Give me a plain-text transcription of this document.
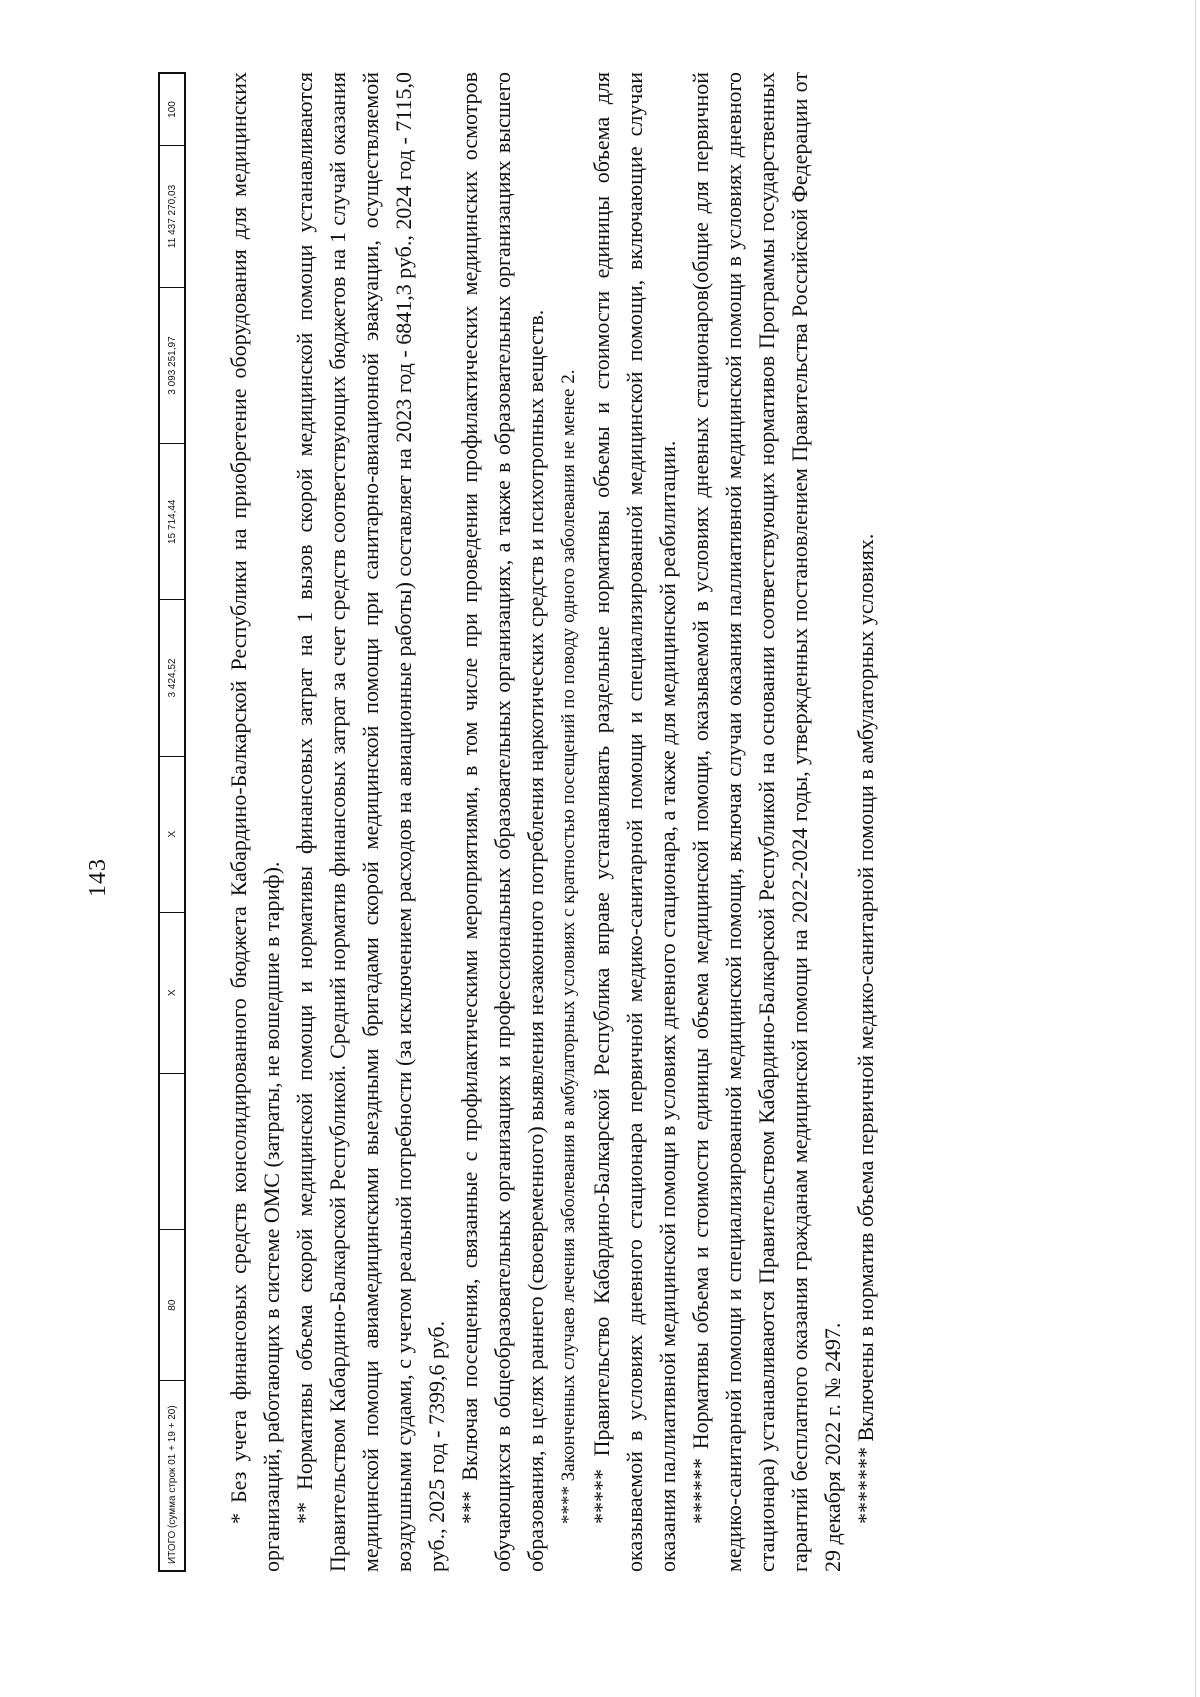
143
ИТОГО (сумма строк 01 + 19 + 20)
80
X
X
3 424,52
15 714,44
3 093 251,97
11 437 270,03
100 * Без учета финансовых средств консолидированного бюджета Кабардино-Балкарской Республики на приобретение оборудования для медицинских организаций, работающих в системе ОМС (затраты, не вошедшие в тариф). ** Нормативы объема скорой медицинской помощи и нормативы финансовых затрат на 1 вызов скорой медицинской помощи устанавливаются Правительством Кабардино-Балкарской Республикой. Средний норматив финансовых затрат за счет средств соответствующих бюджетов на 1 случай оказания медицинской помощи авиамедицинскими выездными бригадами скорой медицинской помощи при санитарно-авиационной эвакуации, осуществляемой воздушными судами, с учетом реальной потребности (за исключением расходов на авиационные работы) составляет на 2023 год - 6841,3 руб., 2024 год - 7115,0 руб., 2025 год - 7399,6 руб. *** Включая посещения, связанные с профилактическими мероприятиями, в том числе при проведении профилактических медицинских осмотров обучающихся в общеобразовательных организациях и профессиональных образовательных организациях, а также в образовательных организациях высшего образования, в целях раннего (своевременного) выявления незаконного потребления наркотических средств и психотропных веществ. **** Законченных случаев лечения заболевания в амбулаторных условиях с кратностью посещений по поводу одного заболевания не менее 2. ***** Правительство Кабардино-Балкарской Республика вправе устанавливать раздельные нормативы объемы и стоимости единицы объема для оказываемой в условиях дневного стационара первичной медико-санитарной помощи и специализированной медицинской помощи, включающие случаи оказания паллиативной медицинской помощи в условиях дневного стационара, а также для медицинской реабилитации. ****** Нормативы объема и стоимости единицы объема медицинской помощи, оказываемой в условиях дневных стационаров(общие для первичной медико-санитарной помощи и специализированной медицинской помощи, включая случаи оказания паллиативной медицинской помощи в условиях дневного стационара) устанавливаются Правительством Кабардино-Балкарской Республикой на основании соответствующих нормативов Программы государственных гарантий бесплатного оказания гражданам медицинской помощи на 2022-2024 годы, утвержденных постановлением Правительства Российской Федерации от 29 декабря 2022 г. № 2497. ******* Включены в норматив объема первичной медико-санитарной помощи в амбулаторных условиях.
